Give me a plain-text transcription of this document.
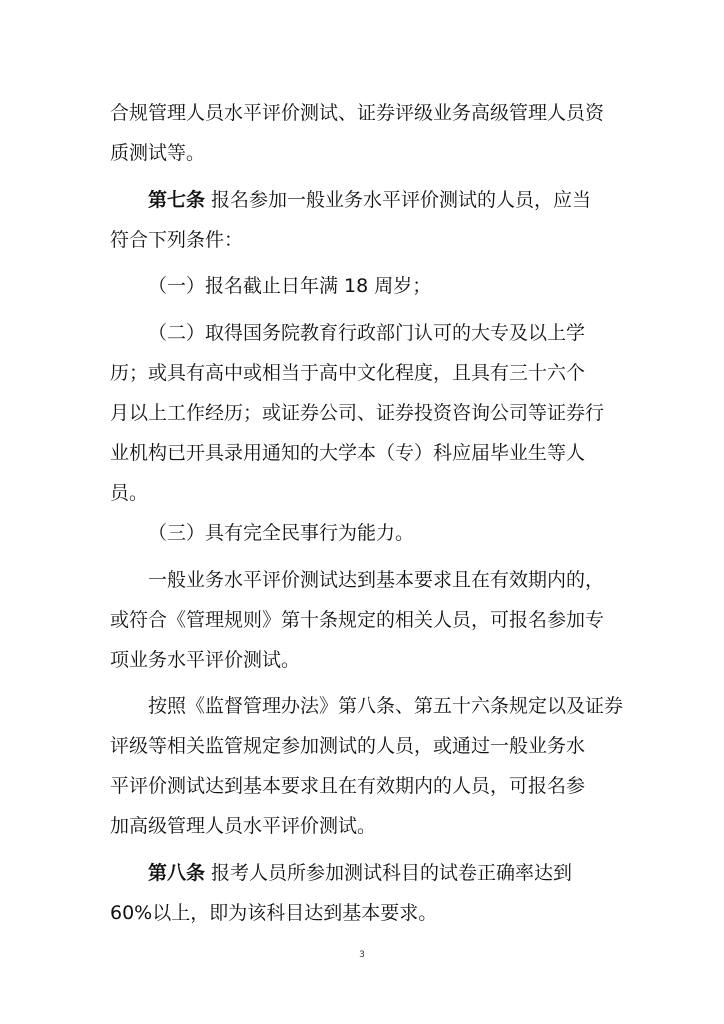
合规管理人员水平评价测试、证券评级业务高级管理人员资

质测试等。

第七条 报名参加一般业务水平评价测试的人员，应当

符合下列条件：

（一）报名截止日年满 18 周岁；

（二）取得国务院教育行政部门认可的大专及以上学

历；或具有高中或相当于高中文化程度，且具有三十六个

月以上工作经历；或证券公司、证券投资咨询公司等证券行

业机构已开具录用通知的大学本（专）科应届毕业生等人

员。

（三）具有完全民事行为能力。

一般业务水平评价测试达到基本要求且在有效期内的，

或符合《管理规则》第十条规定的相关人员，可报名参加专

项业务水平评价测试。

按照《监督管理办法》第八条、第五十六条规定以及证券

评级等相关监管规定参加测试的人员，或通过一般业务水

平评价测试达到基本要求且在有效期内的人员，可报名参

加高级管理人员水平评价测试。

第八条 报考人员所参加测试科目的试卷正确率达到

60%以上，即为该科目达到基本要求。

3
